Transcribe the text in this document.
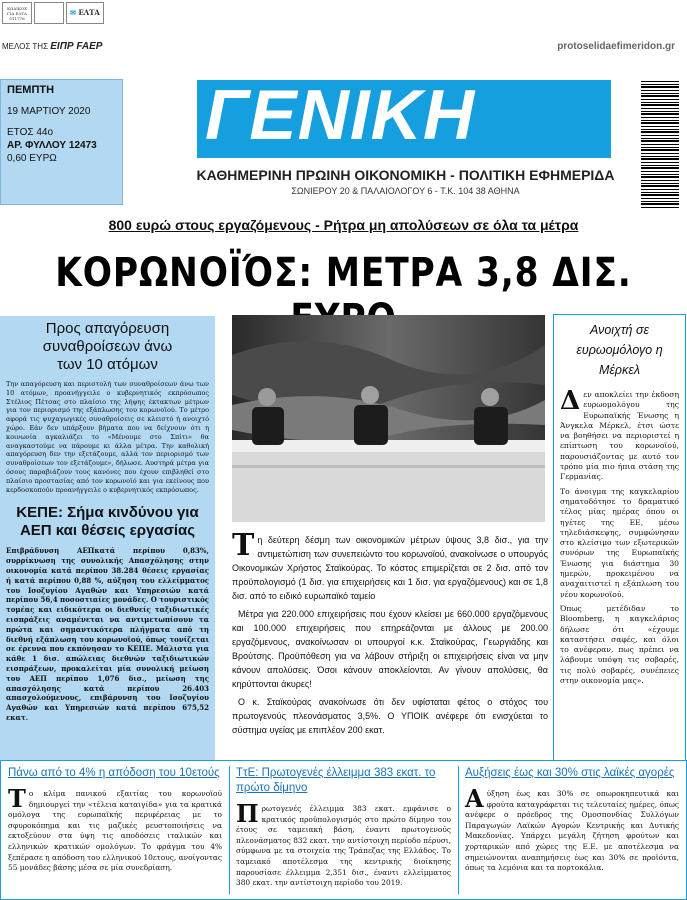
ΚΩΔΙΚΟΣ
ΓΙΑ ΕΛΤΑ
011776
✉ ΕΛΤΑ
ΜΕΛΟΣ ΤΗΣ ΕΙΠΡ FAEP	protoselidaefimeridon.gr
ΠΕΜΠΤΗ
19 ΜΑΡΤΙΟΥ 2020
ΕΤΟΣ 44ο
ΑΡ. ΦΥΛΛΟΥ 12473
0,60 ΕΥΡΩ
ΓΕΝΙΚΗ ΔΗΜΟΠΡΑΣΙΩΝ
ΚΑΘΗΜΕΡΙΝΗ ΠΡΩΙΝΗ ΟΙΚΟΝΟΜΙΚΗ - ΠΟΛΙΤΙΚΗ ΕΦΗΜΕΡΙΔΑ
ΣΩΝΙΕΡΟΥ 20 & ΠΑΛΑΙΟΛΟΓΟΥ 6 - Τ.Κ. 104 38 ΑΘΗΝΑ
800 ευρώ στους εργαζόμενους - Ρήτρα μη απολύσεων σε όλα τα μέτρα
ΚΟΡΩΝΟΪΌΣ: ΜΕΤΡΑ 3,8 ΔΙΣ.
Προς απαγόρευση συναθροίσεων άνω των 10 ατόμων
Την απαγόρευση και περιστολή των συναθροίσεων άνω των 10 ατόμων, προανήγγειλε ο κυβερνητικός εκπρόσωπος Στέλιος Πέτσας στο πλαίσιο της λήψης έκτακτων μέτρων για τον περιορισμό της εξάπλωσης του κορωνοϊού. Το μέτρο αφορά τις ψυχαγωγικές συναθροίσεις σε κλειστό ή ανοιχτό χώρο. Εάν δεν υπάρξουν βήματα που να δείχνουν ότι η κοινωνία αγκαλιάζει το «Μένουμε στο Σπίτι» θα αναγκαστούμε να πάρουμε κι άλλα μέτρα. Την καθολική απαγόρευση δεν την εξετάζουμε, αλλά τον περιορισμό των συναθροίσεων τον εξετάζουμε», δήλωσε. Αυστηρά μέτρα για όσους παραβιάζουν τους κανόνες που έχουν επιβληθεί στο πλαίσιο προστασίας από τον κορωνοϊό και για εκείνους που κερδοσκοπούν προανήγγειλε ο κυβερνητικός εκπρόσωπος.
ΚΕΠΕ: Σήμα κινδύνου για ΑΕΠ και θέσεις εργασίας
Επιβράδυνση ΑΕΠκατά περίπου 0,83%, συρρίκνωση της συνολικής Απασχόλησης στην οικονομία κατά περίπου 38.284 θέσεις εργασίας ή κατά περίπου 0,88 %, αύξηση του ελλείμματος του Ισοζυγίου Αγαθών και Υπηρεσιών κατά περίπου 56,4 ποσοστιαίες μονάδες. Ο τουριστικός τομέας και ειδικότερα οι διεθνείς ταξιδιωτικές εισπράξεις αναμένεται να αντιμετωπίσουν τα πρώτα και σημαντικότερα πλήγματα από τη διεθνή εξάπλωση του κορωνοϊού, όπως τονίζεται σε έρευνα που εκπόνησαν το ΚΕΠΕ. Μάλιστα για κάθε 1 δισ. απώλειας διεθνών ταξιδιωτικών εισπράξεων, προκαλείται μία συνολική μείωση του ΑΕΠ περίπου 1,076 δισ., μείωση της απασχόλησης κατά περίπου 26.403 απασχολούμενους, επιβάρυνση του Ισοζυγίου Αγαθών και Υπηρεσιών κατά περίπου 675,52 εκατ.

Τη δεύτερη δέσμη των οικονομικών μέτρων ύψους 3,8 δισ., για την αντιμετώπιση των συνεπειώντο του κορωνοϊού, ανακοίνωσε ο υπουργός Οικονομικών Χρήστος Σταϊκούρας. Το κόστος επιμερίζεται σε 2 δισ. από τον προϋπολογισμό (1 δισ. για επιχειρήσεις και 1 δισ. για εργαζόμενους) και σε 1,8 δισ. από το ειδικό ευρωπαϊκό ταμείο

Μέτρα για 220.000 επιχειρήσεις που έχουν κλείσει με 660.000 εργαζόμενους και 100.000 επιχειρήσεις που επηρεάζονται με άλλους με 200.00 εργαζόμενους, ανακοίνωσαν οι υπουργοί κ.κ. Σταϊκούρας, Γεωργιάδης και Βρούτσης. Προϋπόθεση για να λάβουν στήριξη οι επιχειρήσεις είναι να μην κάνουν απολύσεις. Όσοι κάνουν αποκλείονται. Αν γίνουν απολύσεις, θα κηρύττονται άκυρες!

Ο κ. Σταϊκούρας ανακοίνωσε ότι δεν υφίσταται φέτος ο στόχος του πρωτογενούς πλεονάσματος 3,5%. Ο ΥΠΟΙΚ ανέφερε ότι ενισχύεται το σύστημα υγείας με επιπλέον 200 εκατ.

Ανοιχτή σε ευρωομόλογο η Μέρκελ

Δεν αποκλείει την έκδοση ευρωομολόγου της Ευρωπαϊκής Ένωσης η Άνγκελα Μέρκελ, έτσι ώστε να βοηθήσει να περιοριστεί η επίπτωση του κορωνοϊού, παρουσιάζοντας με αυτό τον τρόπο μία πιο ήπια στάση της Γερμανίας.

Το άνοιγμα της καγκελαρίου σηματοδότησε το δραματικό τέλος μίας ημέρας όπου οι ηγέτες της ΕΕ, μέσω τηλεδιάσκεψης, συμφώνησαν στο κλείσιμο των εξωτερικών συνόρων της Ευρωπαϊκής Ένωσης για διάστημα 30 ημερών, προκειμένου να αναχαιτιστεί η εξάπλωση του νέου κορωνοϊού.

Όπως μετέδιδαν το Bloomberg, η καγκελάριος δήλωσε ότι «έχουμε καταστήσει σαφές, και όλοι το ανέφεραν, πως πρέπει να λάβουμε υπόψη τις σοβαρές, τις πολύ σοβαρές, συνέπειες στην οικονομία μας».

Πάνω από το 4% η απόδοση του 10ετούς
Το κλίμα πανικού εξαιτίας του κορωνοϊού δημιουργεί την «τέλεια καταιγίδα» για τα κρατικά ομόλογα της ευρωπαϊκής περιφέρειας με το σφυροκόπημα και τις μαζικές ρευστοποιήσεις να εκτοξεύουν στα ύψη τις αποδόσεις ιταλικών και ελληνικών κρατικών ομολόγων. Το φράγμα του 4% ξεπέρασε η απόδοση του ελληνικού 10ετους, ανοίγοντας 55 μονάδες βάσης μέσα σε μία συνεδρίαση.
ΤτΕ: Πρωτογενές έλλειμμα 383 εκατ. το πρώτο δίμηνο
Πρωτογενές έλλειμμα 383 εκατ. εμφάνισε ο κρατικός προϋπολογισμός στο πρώτο δίμηνο του έτους σε ταμειακή βάση, έναντι πρωτογενούς πλεονάσματος 832 εκατ. την αντίστοιχη περίοδο πέρυσι, σύμφωνα με τα στοιχεία της Τράπεζας της Ελλάδος. Το ταμειακό αποτέλεσμα της κεντρικής διοίκησης παρουσίασε έλλειμμα 2,351 δισ., έναντι ελλείμματος 380 εκατ. την αντίστοιχη περίοδο του 2019.
Αυξήσεις έως και 30% στις λαϊκές αγορές
Αύξηση έως και 30% σε οπωροκηπευτικά και φρούτα καταγράφεται τις τελευταίες ημέρες, όπως ανέφερε ο πρόεδρος της Ομοσπονδίας Συλλόγων Παραγωγών Λαϊκών Αγορών Κεντρικής και Δυτικής Μακεδονίας. Υπάρχει μεγάλη ζήτηση φρούτων και χορταρικών από χώρες της Ε.Ε. με αποτέλεσμα να σημειώνονται αναπημήσεις έως και 30% σε προϊόντα, όπως τα λεμόνια και τα πορτοκάλια.
